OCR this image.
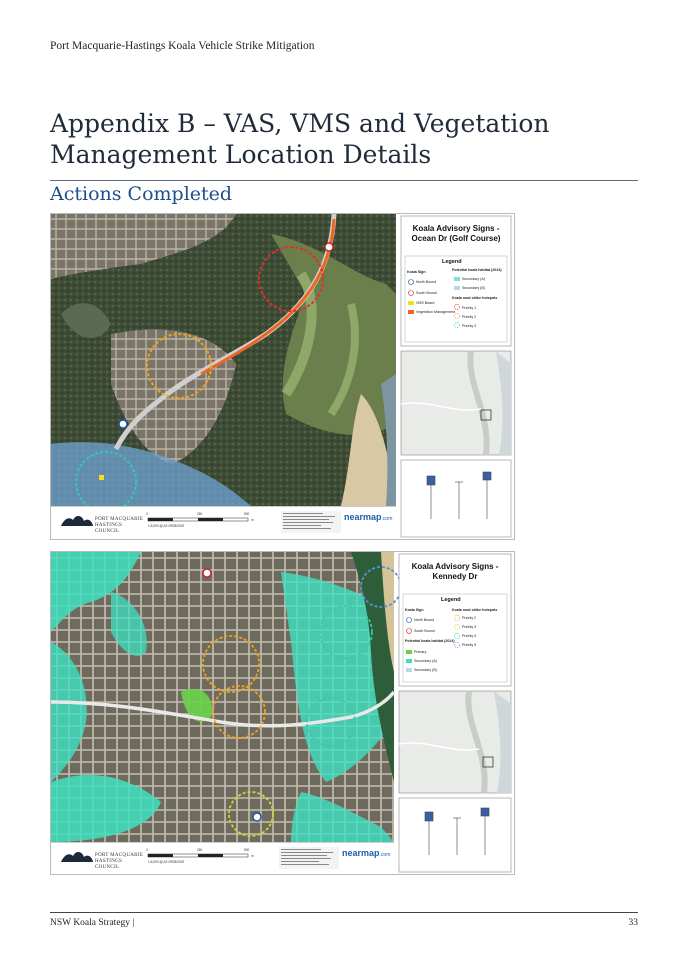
Port Macquarie-Hastings Koala Vehicle Strike Mitigation
Appendix B – VAS, VMS and Vegetation Management Location Details
Actions Completed
Koala Advisory Signs - Ocean Dr (Golf Course)
Legend
Koala Sign
North Bound
South Bound
VMS Board
Vegetation Management
Potential koala habitat (2014)
Secondary (A)
Secondary (B)
Koala road strike hotspots
Priority 1
Priority 2
Priority 3
PORT MACQUARIE HASTINGS COUNCIL
0	250	500
m
1:5,000 @ A3 29/08/2019
nearmap.com
Koala Advisory Signs - Kennedy Dr
Legend
Koala Sign
North Bound
South Bound
Potential koala habitat (2014)
Primary
Secondary (A)
Secondary (B)
Koala road strike hotspots
Priority 2
Priority 3
Priority 4
Priority 5
PORT MACQUARIE HASTINGS COUNCIL
0	250	500
m
1:6,000 @ A3 29/08/2019
nearmap.com
NSW Koala Strategy |	33
